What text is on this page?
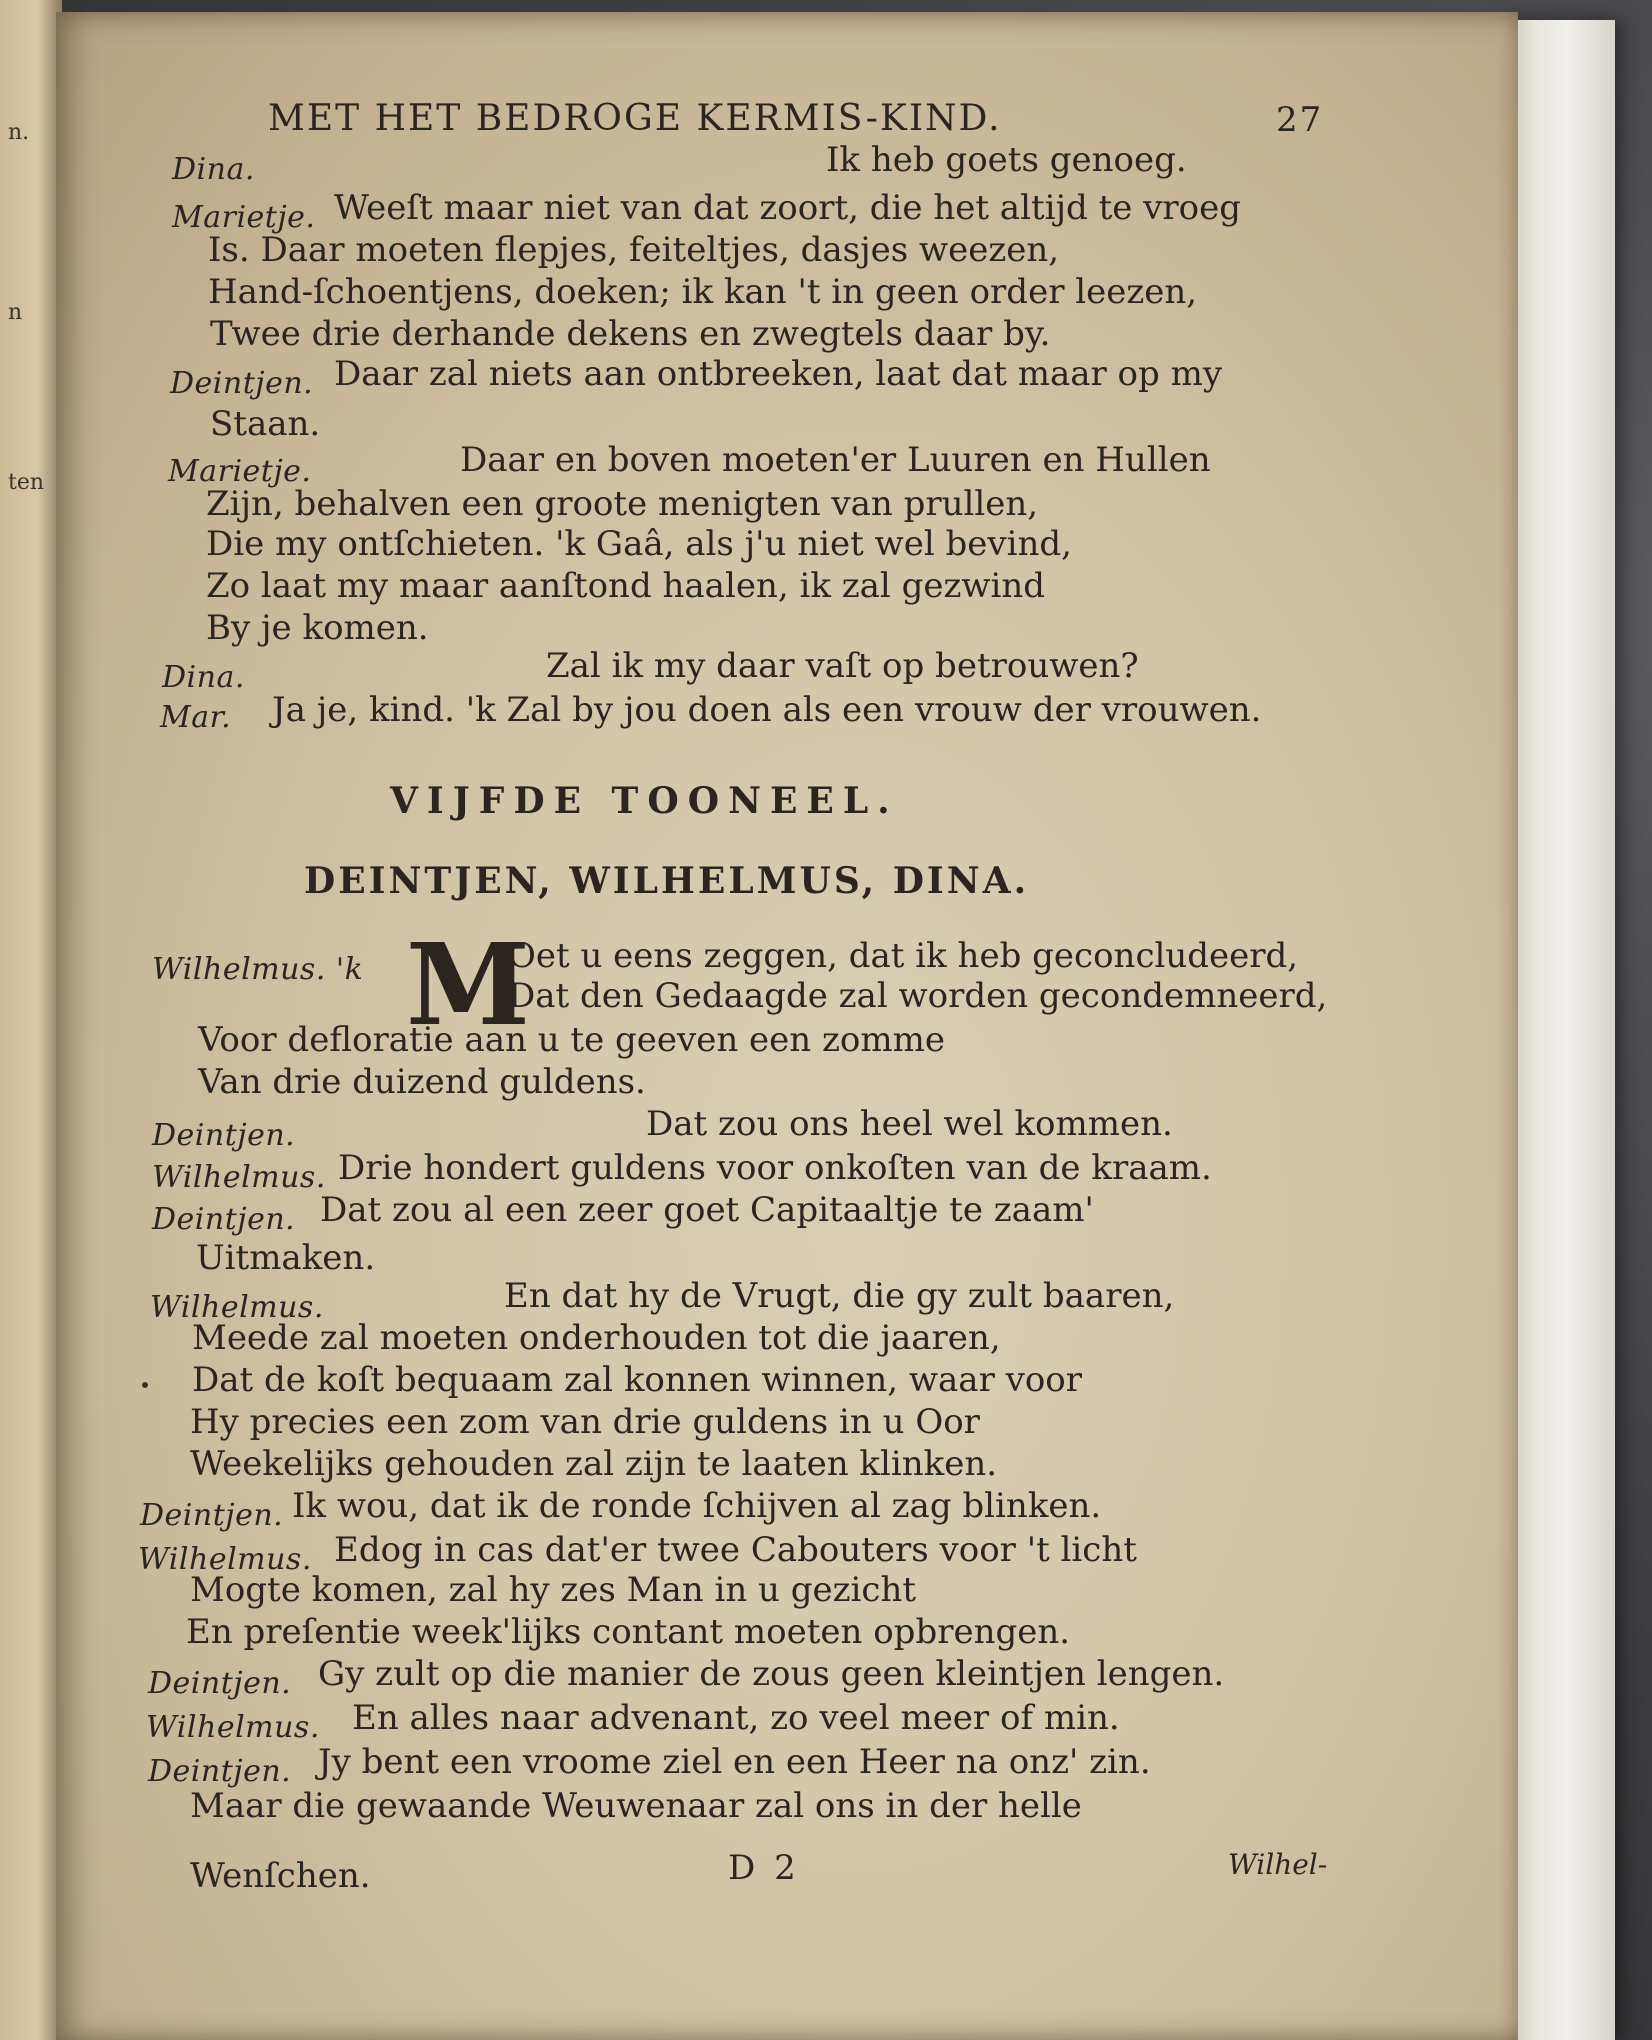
n.
n
ten
MET HET BEDROGE KERMIS-KIND.	27
Dina.	Ik heb goets genoeg.
Marietje. Weeſt maar niet van dat zoort, die het altijd te vroeg
Is. Daar moeten flepjes, feiteltjes, dasjes weezen,
Hand-ſchoentjens, doeken; ik kan 't in geen order leezen,
Twee drie derhande dekens en zwegtels daar by.
Deintjen. Daar zal niets aan ontbreeken, laat dat maar op my
Staan.
Marietje.	Daar en boven moeten'er Luuren en Hullen
Zijn, behalven een groote menigten van prullen,
Die my ontſchieten. 'k Gaâ, als j'u niet wel bevind,
Zo laat my maar aanſtond haalen, ik zal gezwind
By je komen.
Dina.	Zal ik my daar vaſt op betrouwen?
Mar. Ja je, kind. 'k Zal by jou doen als een vrouw der vrouwen.
VIJFDE TOONEEL.
DEINTJEN, WILHELMUS, DINA.
M
Wilhelmus. 'k	Oet u eens zeggen, dat ik heb geconcludeerd,
Dat den Gedaagde zal worden gecondemneerd,
Voor defloratie aan u te geeven een zomme
Van drie duizend guldens.
Deintjen.	Dat zou ons heel wel kommen.
Wilhelmus. Drie hondert guldens voor onkoſten van de kraam.
Deintjen. Dat zou al een zeer goet Capitaaltje te zaam'
Uitmaken.
Wilhelmus.	En dat hy de Vrugt, die gy zult baaren,
Meede zal moeten onderhouden tot die jaaren,
Dat de koſt bequaam zal konnen winnen, waar voor
Hy precies een zom van drie guldens in u Oor
Weekelijks gehouden zal zijn te laaten klinken.
Deintjen. Ik wou, dat ik de ronde ſchijven al zag blinken.
Wilhelmus. Edog in cas dat'er twee Cabouters voor 't licht
Mogte komen, zal hy zes Man in u gezicht
En preſentie week'lijks contant moeten opbrengen.
Deintjen. Gy zult op die manier de zous geen kleintjen lengen.
Wilhelmus. En alles naar advenant, zo veel meer of min.
Deintjen. Jy bent een vroome ziel en een Heer na onz' zin.
Maar die gewaande Weuwenaar zal ons in der helle
Wenſchen.	D 2	Wilhel-
